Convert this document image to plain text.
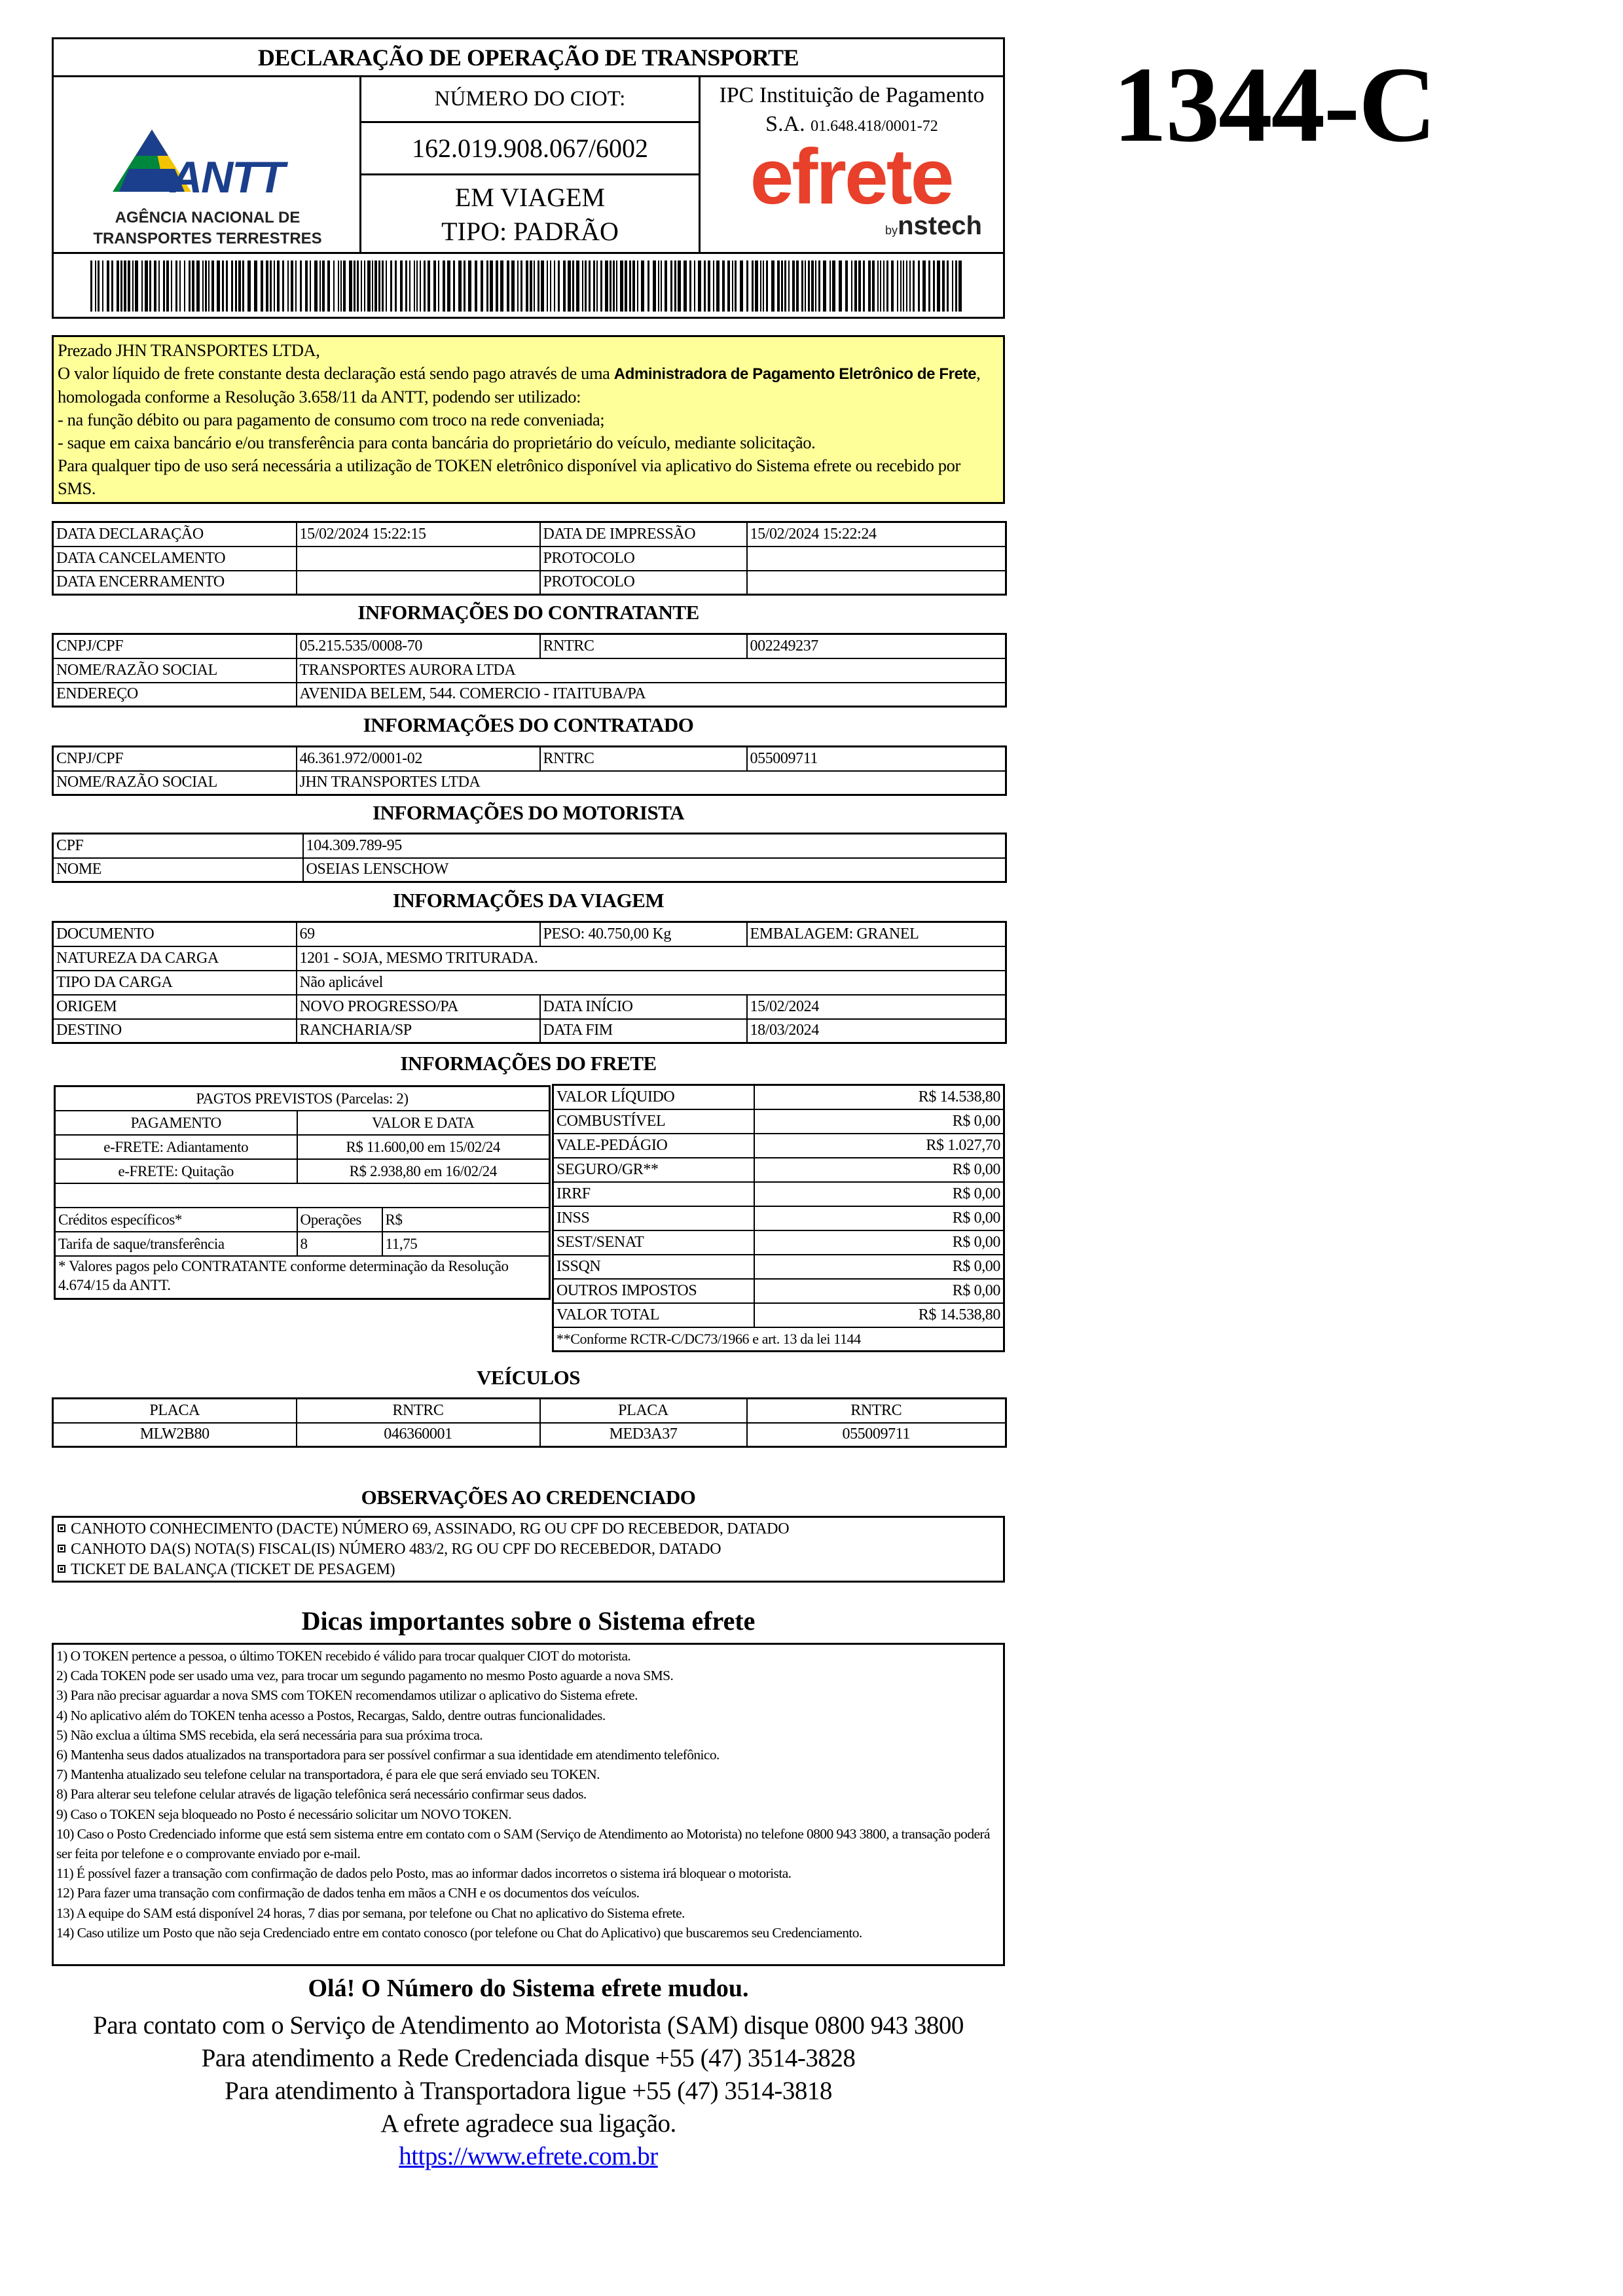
DECLARAÇÃO DE OPERAÇÃO DE TRANSPORTE
ANTT
AGÊNCIA NACIONAL DE
TRANSPORTES TERRESTRES
NÚMERO DO CIOT:
162.019.908.067/6002
EM VIAGEM
TIPO: PADRÃO
IPC Instituição de Pagamento
S.A. 01.648.418/0001-72
efrete
bynstech
1344-C
Prezado JHN TRANSPORTES LTDA,
O valor líquido de frete constante desta declaração está sendo pago através de uma Administradora de Pagamento Eletrônico de Frete, homologada conforme a Resolução 3.658/11 da ANTT, podendo ser utilizado:
- na função débito ou para pagamento de consumo com troco na rede conveniada;
- saque em caixa bancário e/ou transferência para conta bancária do proprietário do veículo, mediante solicitação.
Para qualquer tipo de uso será necessária a utilização de TOKEN eletrônico disponível via aplicativo do Sistema efrete ou recebido por SMS.
DATA DECLARAÇÃO	15/02/2024 15:22:15	DATA DE IMPRESSÃO	15/02/2024 15:22:24
DATA CANCELAMENTO		PROTOCOLO	
DATA ENCERRAMENTO		PROTOCOLO	
INFORMAÇÕES DO CONTRATANTE
CNPJ/CPF	05.215.535/0008-70	RNTRC	002249237
NOME/RAZÃO SOCIAL	TRANSPORTES AURORA LTDA		
ENDEREÇO	AVENIDA BELEM, 544. COMERCIO - ITAITUBA/PA		
INFORMAÇÕES DO CONTRATADO
CNPJ/CPF	46.361.972/0001-02	RNTRC	055009711
NOME/RAZÃO SOCIAL	JHN TRANSPORTES LTDA		
INFORMAÇÕES DO MOTORISTA
CPF	104.309.789-95
NOME	OSEIAS LENSCHOW
INFORMAÇÕES DA VIAGEM
DOCUMENTO	69	PESO: 40.750,00 Kg	EMBALAGEM: GRANEL
NATUREZA DA CARGA	1201 - SOJA, MESMO TRITURADA.		
TIPO DA CARGA	Não aplicável		
ORIGEM	NOVO PROGRESSO/PA	DATA INÍCIO	15/02/2024
DESTINO	RANCHARIA/SP	DATA FIM	18/03/2024
INFORMAÇÕES DO FRETE
PAGTOS PREVISTOS (Parcelas: 2)		
PAGAMENTO	VALOR E DATA	
e-FRETE: Adiantamento	R$ 11.600,00 em 15/02/24	
e-FRETE: Quitação	R$ 2.938,80 em 16/02/24	

Créditos específicos*	Operações	R$
Tarifa de saque/transferência	8	11,75
* Valores pagos pelo CONTRATANTE conforme determinação da Resolução 4.674/15 da ANTT.		
VALOR LÍQUIDO	R$ 14.538,80
COMBUSTÍVEL	R$ 0,00
VALE-PEDÁGIO	R$ 1.027,70
SEGURO/GR**	R$ 0,00
IRRF	R$ 0,00
INSS	R$ 0,00
SEST/SENAT	R$ 0,00
ISSQN	R$ 0,00
OUTROS IMPOSTOS	R$ 0,00
VALOR TOTAL	R$ 14.538,80
**Conforme RCTR-C/DC73/1966 e art. 13 da lei 1144	
VEÍCULOS
PLACA	RNTRC	PLACA	RNTRC
MLW2B80	046360001	MED3A37	055009711
OBSERVAÇÕES AO CREDENCIADO
CANHOTO CONHECIMENTO (DACTE) NÚMERO 69, ASSINADO, RG OU CPF DO RECEBEDOR, DATADO
CANHOTO DA(S) NOTA(S) FISCAL(IS) NÚMERO 483/2, RG OU CPF DO RECEBEDOR, DATADO
TICKET DE BALANÇA (TICKET DE PESAGEM)
Dicas importantes sobre o Sistema efrete
1) O TOKEN pertence a pessoa, o último TOKEN recebido é válido para trocar qualquer CIOT do motorista.
2) Cada TOKEN pode ser usado uma vez, para trocar um segundo pagamento no mesmo Posto aguarde a nova SMS.
3) Para não precisar aguardar a nova SMS com TOKEN recomendamos utilizar o aplicativo do Sistema efrete.
4) No aplicativo além do TOKEN tenha acesso a Postos, Recargas, Saldo, dentre outras funcionalidades.
5) Não exclua a última SMS recebida, ela será necessária para sua próxima troca.
6) Mantenha seus dados atualizados na transportadora para ser possível confirmar a sua identidade em atendimento telefônico.
7) Mantenha atualizado seu telefone celular na transportadora, é para ele que será enviado seu TOKEN.
8) Para alterar seu telefone celular através de ligação telefônica será necessário confirmar seus dados.
9) Caso o TOKEN seja bloqueado no Posto é necessário solicitar um NOVO TOKEN.
10) Caso o Posto Credenciado informe que está sem sistema entre em contato com o SAM (Serviço de Atendimento ao Motorista) no telefone 0800 943 3800, a transação poderá ser feita por telefone e o comprovante enviado por e-mail.
11) É possível fazer a transação com confirmação de dados pelo Posto, mas ao informar dados incorretos o sistema irá bloquear o motorista.
12) Para fazer uma transação com confirmação de dados tenha em mãos a CNH e os documentos dos veículos.
13) A equipe do SAM está disponível 24 horas, 7 dias por semana, por telefone ou Chat no aplicativo do Sistema efrete.
14) Caso utilize um Posto que não seja Credenciado entre em contato conosco (por telefone ou Chat do Aplicativo) que buscaremos seu Credenciamento.
Olá! O Número do Sistema efrete mudou.
Para contato com o Serviço de Atendimento ao Motorista (SAM) disque 0800 943 3800
Para atendimento a Rede Credenciada disque +55 (47) 3514-3828
Para atendimento à Transportadora ligue +55 (47) 3514-3818
A efrete agradece sua ligação.
https://www.efrete.com.br
